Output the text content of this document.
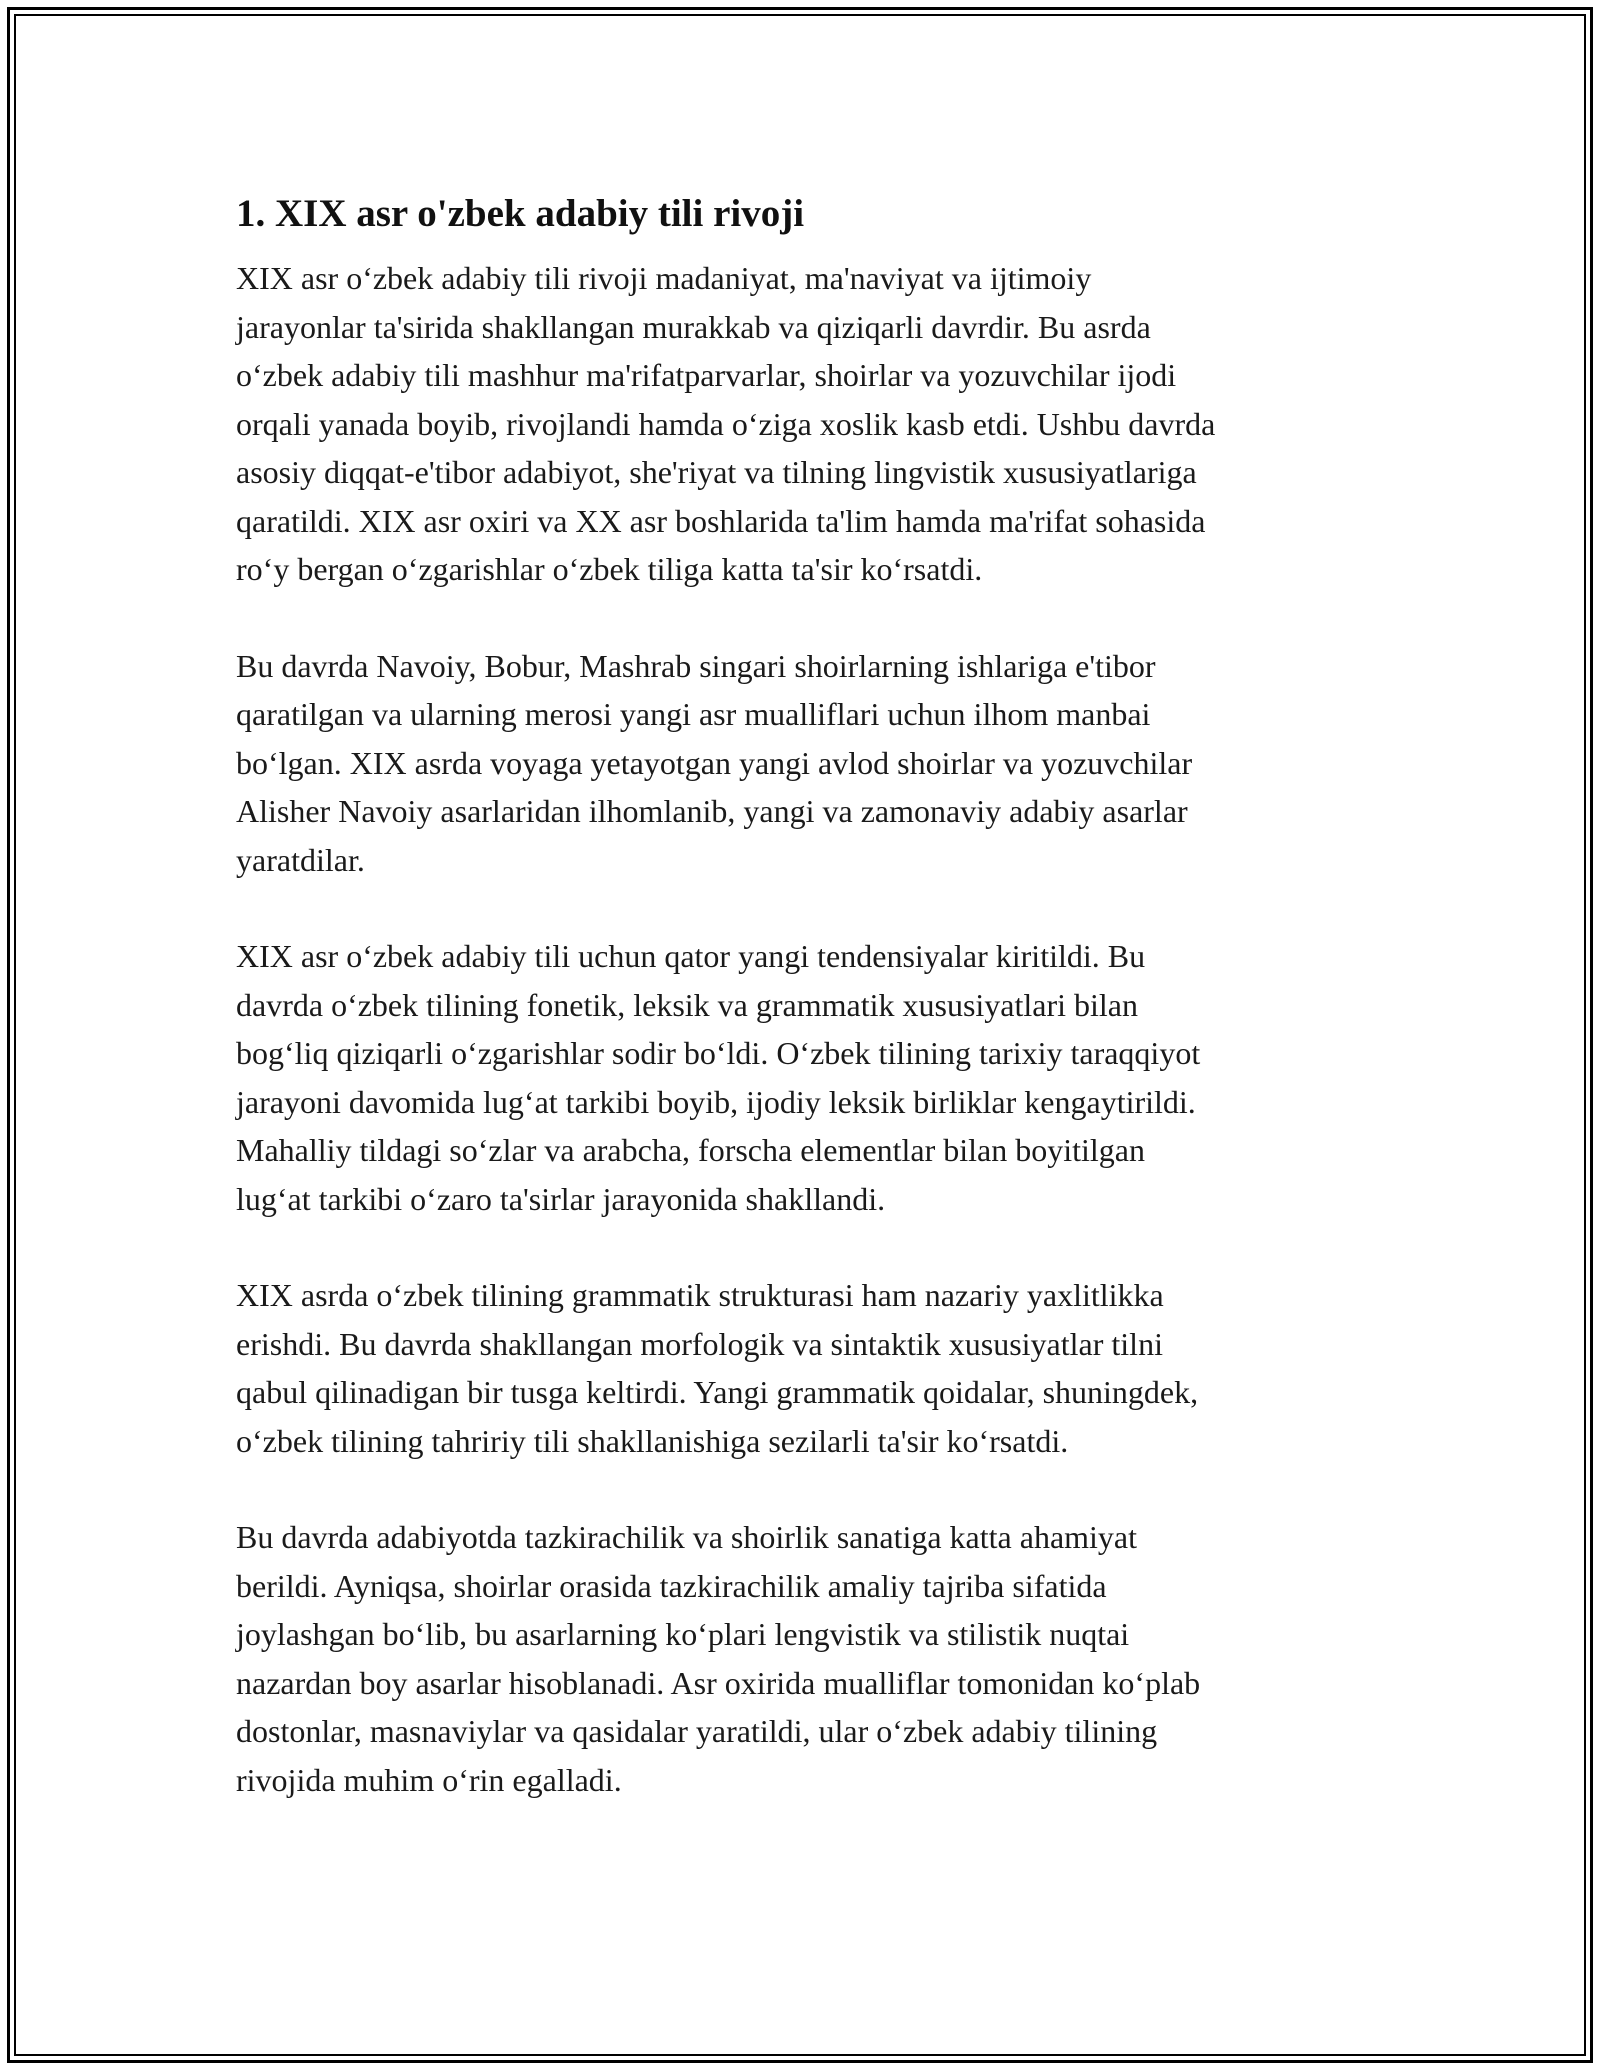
1. XIX asr o'zbek adabiy tili rivoji

XIX asr o‘zbek adabiy tili rivoji madaniyat, ma'naviyat va ijtimoiy
jarayonlar ta'sirida shakllangan murakkab va qiziqarli davrdir. Bu asrda
o‘zbek adabiy tili mashhur ma'rifatparvarlar, shoirlar va yozuvchilar ijodi
orqali yanada boyib, rivojlandi hamda o‘ziga xoslik kasb etdi. Ushbu davrda
asosiy diqqat-e'tibor adabiyot, she'riyat va tilning lingvistik xususiyatlariga
qaratildi. XIX asr oxiri va XX asr boshlarida ta'lim hamda ma'rifat sohasida
ro‘y bergan o‘zgarishlar o‘zbek tiliga katta ta'sir ko‘rsatdi.

Bu davrda Navoiy, Bobur, Mashrab singari shoirlarning ishlariga e'tibor
qaratilgan va ularning merosi yangi asr mualliflari uchun ilhom manbai
bo‘lgan. XIX asrda voyaga yetayotgan yangi avlod shoirlar va yozuvchilar
Alisher Navoiy asarlaridan ilhomlanib, yangi va zamonaviy adabiy asarlar
yaratdilar.

XIX asr o‘zbek adabiy tili uchun qator yangi tendensiyalar kiritildi. Bu
davrda o‘zbek tilining fonetik, leksik va grammatik xususiyatlari bilan
bog‘liq qiziqarli o‘zgarishlar sodir bo‘ldi. O‘zbek tilining tarixiy taraqqiyot
jarayoni davomida lug‘at tarkibi boyib, ijodiy leksik birliklar kengaytirildi.
Mahalliy tildagi so‘zlar va arabcha, forscha elementlar bilan boyitilgan
lug‘at tarkibi o‘zaro ta'sirlar jarayonida shakllandi.

XIX asrda o‘zbek tilining grammatik strukturasi ham nazariy yaxlitlikka
erishdi. Bu davrda shakllangan morfologik va sintaktik xususiyatlar tilni
qabul qilinadigan bir tusga keltirdi. Yangi grammatik qoidalar, shuningdek,
o‘zbek tilining tahririy tili shakllanishiga sezilarli ta'sir ko‘rsatdi.

Bu davrda adabiyotda tazkirachilik va shoirlik sanatiga katta ahamiyat
berildi. Ayniqsa, shoirlar orasida tazkirachilik amaliy tajriba sifatida
joylashgan bo‘lib, bu asarlarning ko‘plari lengvistik va stilistik nuqtai
nazardan boy asarlar hisoblanadi. Asr oxirida mualliflar tomonidan ko‘plab
dostonlar, masnaviylar va qasidalar yaratildi, ular o‘zbek adabiy tilining
rivojida muhim o‘rin egalladi.
